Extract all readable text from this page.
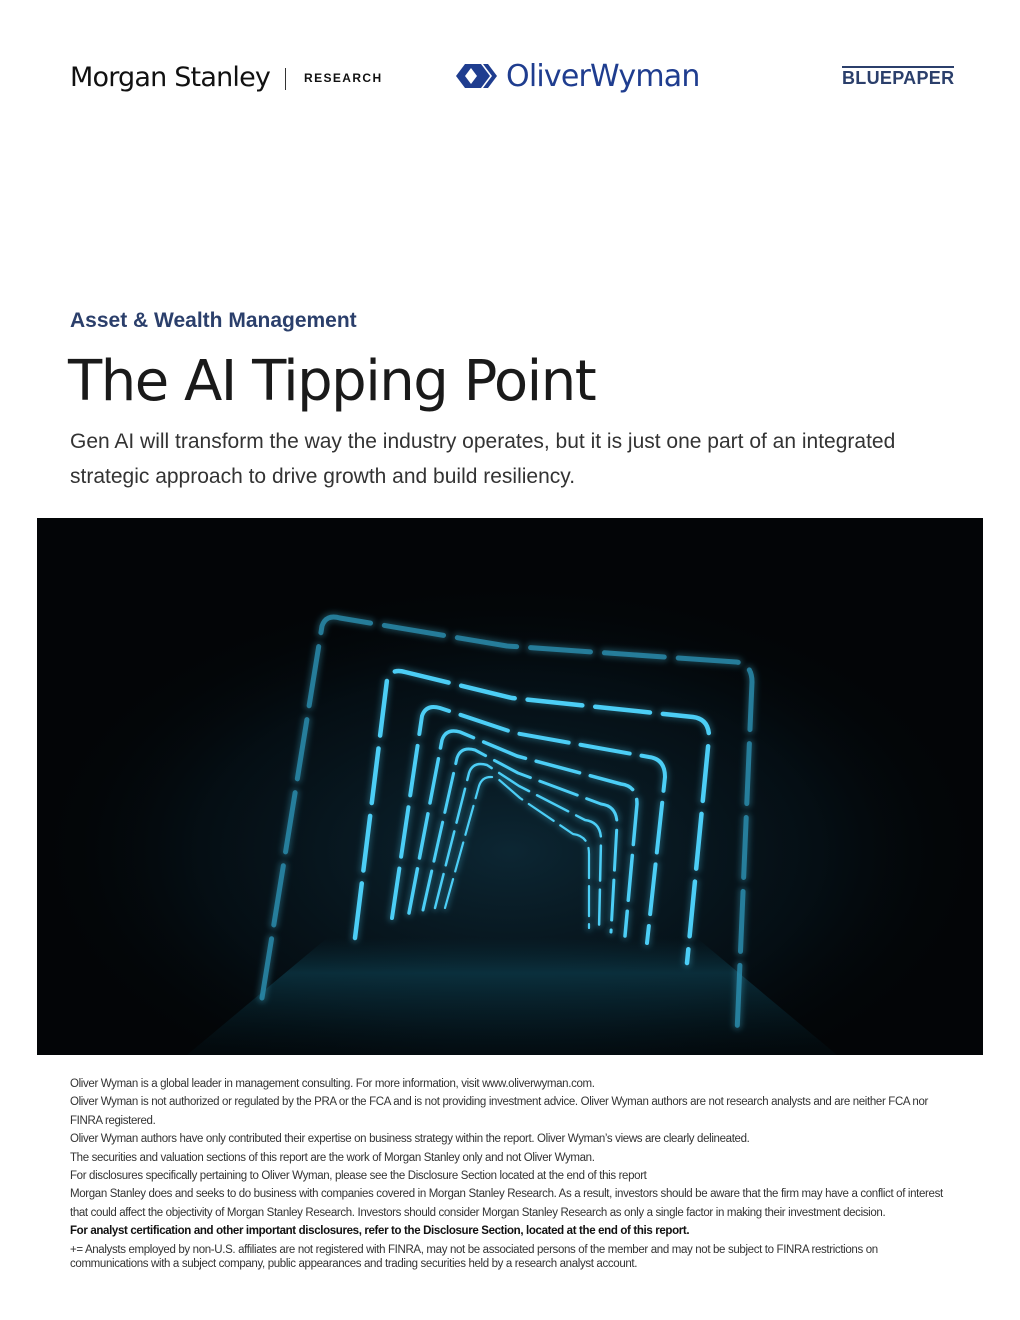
Morgan Stanley	RESEARCH	OliverWyman	BLUEPAPER
Asset & Wealth Management
The AI Tipping Point

Gen AI will transform the way the industry operates, but it is just one part of an integrated strategic approach to drive growth and build resiliency.

Oliver Wyman is a global leader in management consulting. For more information, visit www.oliverwyman.com.

Oliver Wyman is not authorized or regulated by the PRA or the FCA and is not providing investment advice. Oliver Wyman authors are not research analysts and are neither FCA nor FINRA registered.

Oliver Wyman authors have only contributed their expertise on business strategy within the report. Oliver Wyman’s views are clearly delineated.

The securities and valuation sections of this report are the work of Morgan Stanley only and not Oliver Wyman.

For disclosures specifically pertaining to Oliver Wyman, please see the Disclosure Section located at the end of this report

Morgan Stanley does and seeks to do business with companies covered in Morgan Stanley Research. As a result, investors should be aware that the firm may have a conflict of interest that could affect the objectivity of Morgan Stanley Research. Investors should consider Morgan Stanley Research as only a single factor in making their investment decision.

For analyst certification and other important disclosures, refer to the Disclosure Section, located at the end of this report.

+= Analysts employed by non-U.S. affiliates are not registered with FINRA, may not be associated persons of the member and may not be subject to FINRA restrictions on communications with a subject company, public appearances and trading securities held by a research analyst account.
